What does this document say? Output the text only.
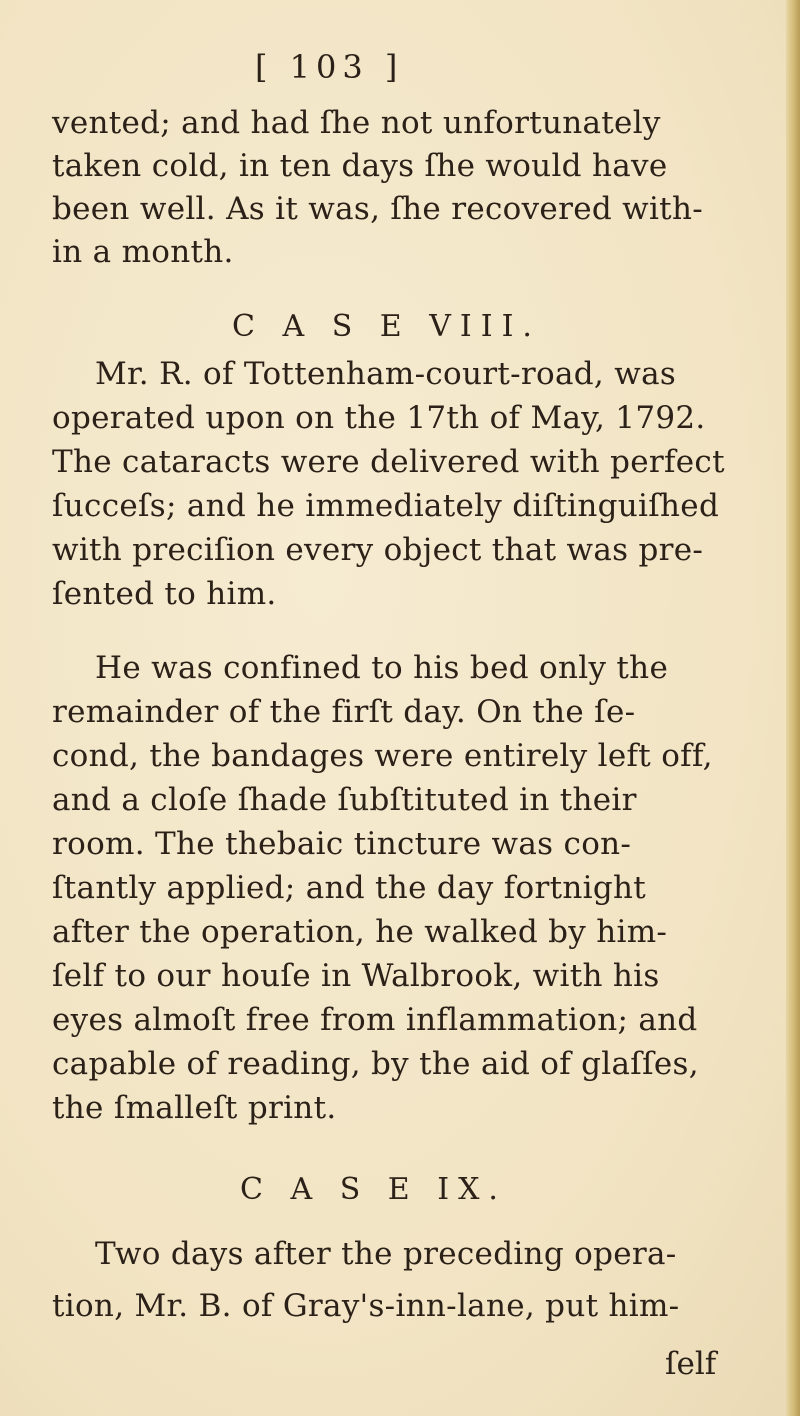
[ 103 ]
vented; and had ſhe not unfortunately
taken cold, in ten days ſhe would have
been well. As it was, ſhe recovered with-
in a month.
C A S E VIII.
Mr. R. of Tottenham-court-road, was
operated upon on the 17th of May, 1792.
The cataracts were delivered with perfect
ſucceſs; and he immediately diſtinguiſhed
with preciſion every object that was pre-
ſented to him.
He was confined to his bed only the
remainder of the firſt day. On the ſe-
cond, the bandages were entirely left off,
and a cloſe ſhade ſubſtituted in their
room. The thebaic tincture was con-
ſtantly applied; and the day fortnight
after the operation, he walked by him-
ſelf to our houſe in Walbrook, with his
eyes almoſt free from inflammation; and
capable of reading, by the aid of glaſſes,
the ſmalleſt print.
C A S E IX.
Two days after the preceding opera-
tion, Mr. B. of Gray's-inn-lane, put him-
ſelf
